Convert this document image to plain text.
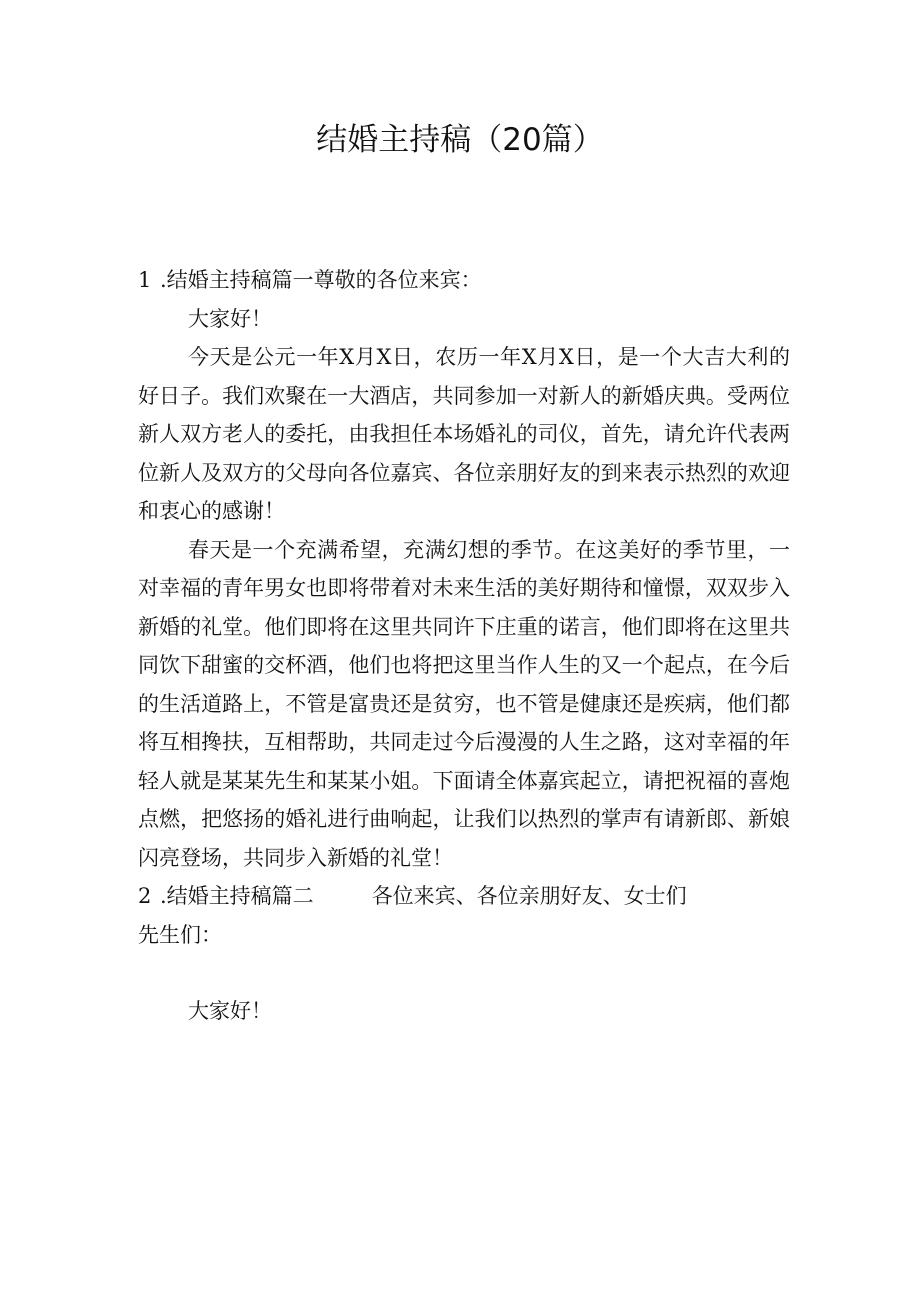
结婚主持稿（20篇）

1 .结婚主持稿篇一尊敬的各位来宾：

大家好！

今天是公元一年X月X日，农历一年X月X日，是一个大吉大利的好日子。我们欢聚在一大酒店，共同参加一对新人的新婚庆典。受两位新人双方老人的委托，由我担任本场婚礼的司仪，首先，请允许代表两位新人及双方的父母向各位嘉宾、各位亲朋好友的到来表示热烈的欢迎和衷心的感谢！

春天是一个充满希望，充满幻想的季节。在这美好的季节里，一对幸福的青年男女也即将带着对未来生活的美好期待和憧憬，双双步入新婚的礼堂。他们即将在这里共同许下庄重的诺言，他们即将在这里共同饮下甜蜜的交杯酒，他们也将把这里当作人生的又一个起点，在今后的生活道路上，不管是富贵还是贫穷，也不管是健康还是疾病，他们都将互相搀扶，互相帮助，共同走过今后漫漫的人生之路，这对幸福的年轻人就是某某先生和某某小姐。下面请全体嘉宾起立，请把祝福的喜炮点燃，把悠扬的婚礼进行曲响起，让我们以热烈的掌声有请新郎、新娘闪亮登场，共同步入新婚的礼堂！

2 .结婚主持稿篇二	各位来宾、各位亲朋好友、女士们

先生们：

大家好！
